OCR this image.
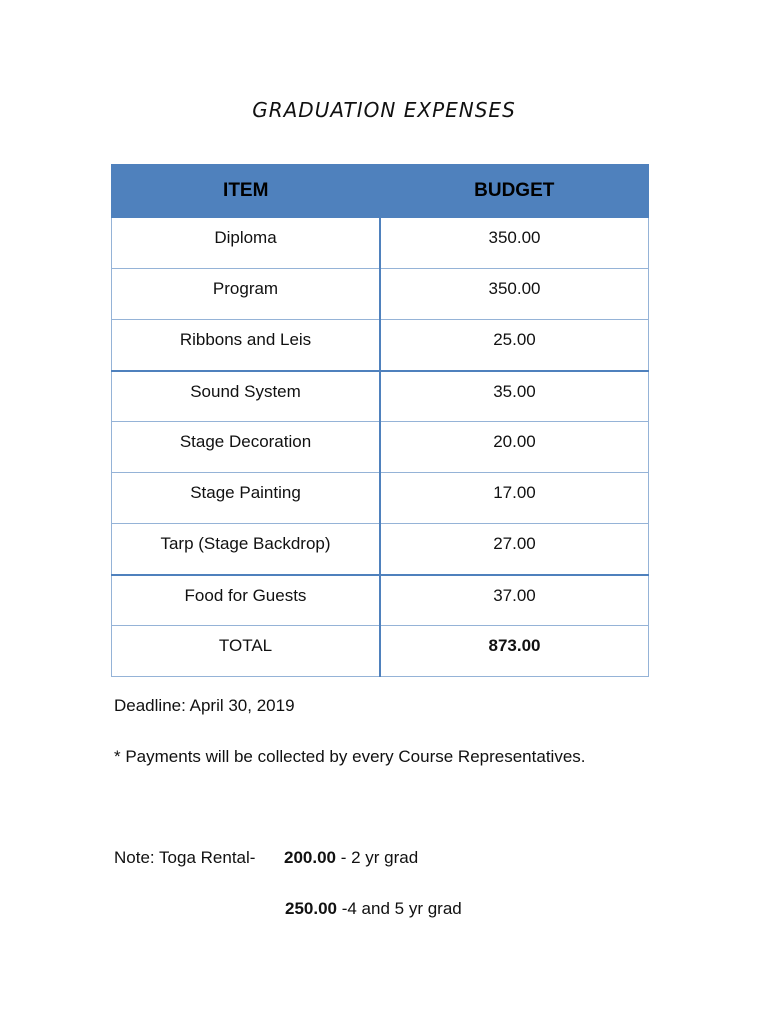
GRADUATION EXPENSES
ITEM	BUDGET
Diploma	350.00
Program	350.00
Ribbons and Leis	25.00
Sound System	35.00
Stage Decoration	20.00
Stage Painting	17.00
Tarp (Stage Backdrop)	27.00
Food for Guests	37.00
TOTAL	873.00
Deadline: April 30, 2019
* Payments will be collected by every Course Representatives.
Note: Toga Rental- 200.00 - 2 yr grad
250.00 -4 and 5 yr grad
